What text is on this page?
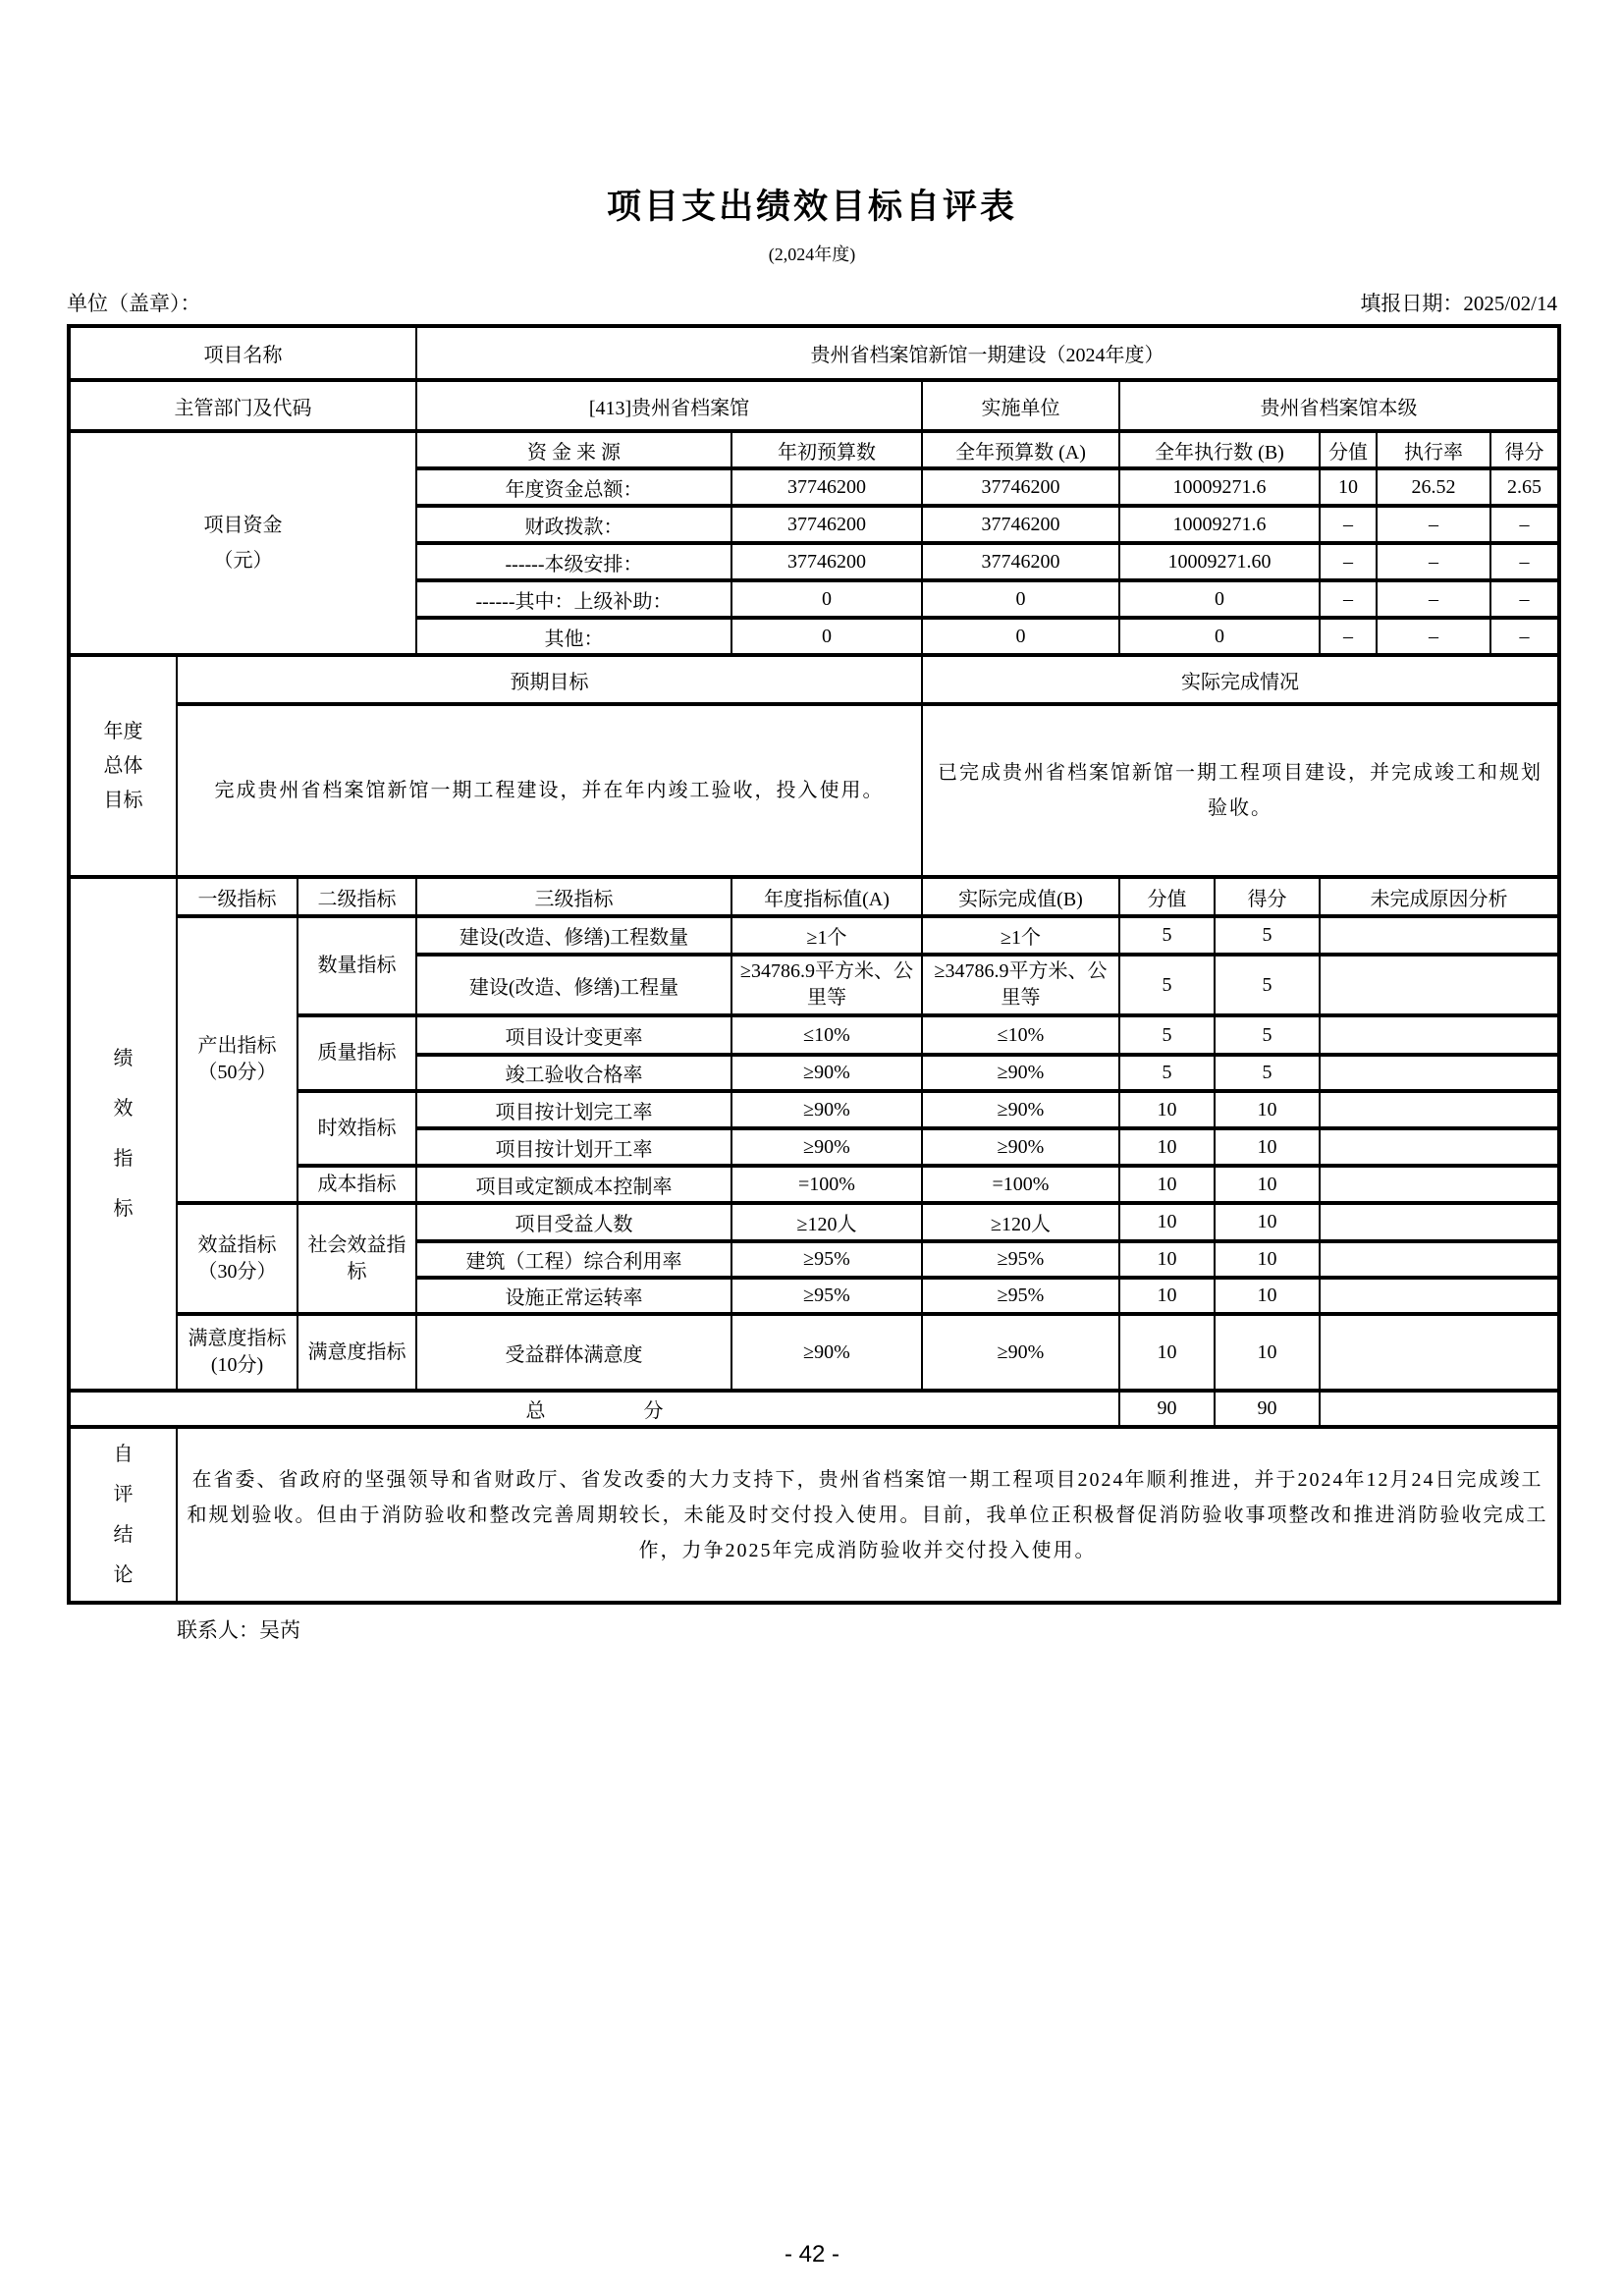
项目支出绩效目标自评表
(2,024年度)
单位（盖章）：	填报日期：2025/02/14
项目名称			贵州省档案馆新馆一期建设（2024年度）							
主管部门及代码			[413]贵州省档案馆		实施单位	贵州省档案馆本级				

项目资金
（元）			资 金 来 源	年初预算数	全年预算数 (A)	全年执行数 (B)		分值	执行率	得分
			年度资金总额：	37746200	37746200	10009271.6		10	26.52	2.65
			财政拨款：	37746200	37746200	10009271.6		–	–	–
			------本级安排：	37746200	37746200	10009271.60		–	–	–
			------其中：上级补助：	0	0	0		–	–	–
			其他：	0	0	0		–	–	–

年度总体目标	预期目标				实际完成情况					
	完成贵州省档案馆新馆一期工程建设，并在年内竣工验收，投入使用。				已完成贵州省档案馆新馆一期工程项目建设，并完成竣工和规划验收。					

绩效指标	一级指标	二级指标	三级指标	年度指标值(A)	实际完成值(B)	分值	得分	未完成原因分析		
	产出指标（50分）	数量指标	建设(改造、修缮)工程数量	≥1个	≥1个	5	5			
			建设(改造、修缮)工程量	≥34786.9平方米、公里等	≥34786.9平方米、公里等	5	5			
		质量指标	项目设计变更率	≤10%	≤10%	5	5			
			竣工验收合格率	≥90%	≥90%	5	5			
		时效指标	项目按计划完工率	≥90%	≥90%	10	10			
			项目按计划开工率	≥90%	≥90%	10	10			
		成本指标	项目或定额成本控制率	=100%	=100%	10	10			
	效益指标（30分）	社会效益指标	项目受益人数	≥120人	≥120人	10	10			
			建筑（工程）综合利用率	≥95%	≥95%	10	10			
			设施正常运转率	≥95%	≥95%	10	10			
	满意度指标(10分)	满意度指标	受益群体满意度	≥90%	≥90%	10	10			
总　　　　　分						90	90			

自评结论	在省委、省政府的坚强领导和省财政厅、省发改委的大力支持下，贵州省档案馆一期工程项目2024年顺利推进，并于2024年12月24日完成竣工和规划验收。但由于消防验收和整改完善周期较长，未能及时交付投入使用。目前，我单位正积极督促消防验收事项整改和推进消防验收完成工作，力争2025年完成消防验收并交付投入使用。									
联系人：吴芮
- 42 -
